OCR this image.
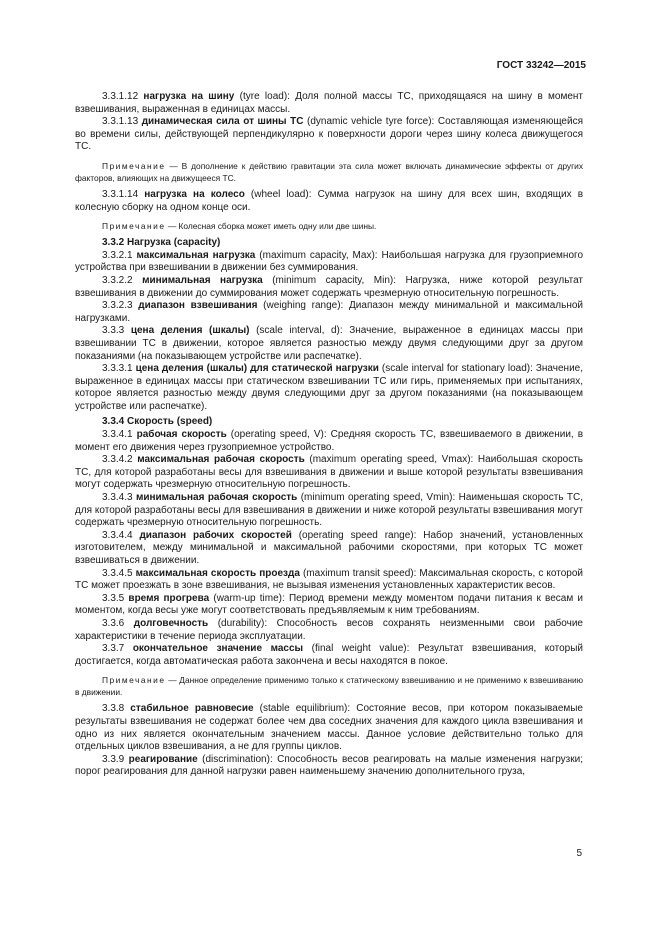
ГОСТ 33242—2015

3.3.1.12 нагрузка на шину (tyre load): Доля полной массы ТС, приходящаяся на шину в момент взвешивания, выраженная в единицах массы.

3.3.1.13 динамическая сила от шины ТС (dynamic vehicle tyre force): Составляющая изменяющейся во времени силы, действующей перпендикулярно к поверхности дороги через шину колеса движущегося ТС.

Примечание — В дополнение к действию гравитации эта сила может включать динамические эффекты от других факторов, влияющих на движущееся ТС.

3.3.1.14 нагрузка на колесо (wheel load): Сумма нагрузок на шину для всех шин, входящих в колесную сборку на одном конце оси.

Примечание — Колесная сборка может иметь одну или две шины.

3.3.2 Нагрузка (capacity)

3.3.2.1 максимальная нагрузка (maximum capacity, Max): Наибольшая нагрузка для грузоприемного устройства при взвешивании в движении без суммирования.

3.3.2.2 минимальная нагрузка (minimum capacity, Min): Нагрузка, ниже которой результат взвешивания в движении до суммирования может содержать чрезмерную относительную погрешность.

3.3.2.3 диапазон взвешивания (weighing range): Диапазон между минимальной и максимальной нагрузками.

3.3.3 цена деления (шкалы) (scale interval, d): Значение, выраженное в единицах массы при взвешивании ТС в движении, которое является разностью между двумя следующими друг за другом показаниями (на показывающем устройстве или распечатке).

3.3.3.1 цена деления (шкалы) для статической нагрузки (scale interval for stationary load): Значение, выраженное в единицах массы при статическом взвешивании ТС или гирь, применяемых при испытаниях, которое является разностью между двумя следующими друг за другом показаниями (на показывающем устройстве или распечатке).

3.3.4 Скорость (speed)

3.3.4.1 рабочая скорость (operating speed, V): Средняя скорость ТС, взвешиваемого в движении, в момент его движения через грузоприемное устройство.

3.3.4.2 максимальная рабочая скорость (maximum operating speed, Vmax): Наибольшая скорость ТС, для которой разработаны весы для взвешивания в движении и выше которой результаты взвешивания могут содержать чрезмерную относительную погрешность.

3.3.4.3 минимальная рабочая скорость (minimum operating speed, Vmin): Наименьшая скорость ТС, для которой разработаны весы для взвешивания в движении и ниже которой результаты взвешивания могут содержать чрезмерную относительную погрешность.

3.3.4.4 диапазон рабочих скоростей (operating speed range): Набор значений, установленных изготовителем, между минимальной и максимальной рабочими скоростями, при которых ТС может взвешиваться в движении.

3.3.4.5 максимальная скорость проезда (maximum transit speed): Максимальная скорость, с которой ТС может проезжать в зоне взвешивания, не вызывая изменения установленных характеристик весов.

3.3.5 время прогрева (warm-up time): Период времени между моментом подачи питания к весам и моментом, когда весы уже могут соответствовать предъявляемым к ним требованиям.

3.3.6 долговечность (durability): Способность весов сохранять неизменными свои рабочие характеристики в течение периода эксплуатации.

3.3.7 окончательное значение массы (final weight value): Результат взвешивания, который достигается, когда автоматическая работа закончена и весы находятся в покое.

Примечание — Данное определение применимо только к статическому взвешиванию и не применимо к взвешиванию в движении.

3.3.8 стабильное равновесие (stable equilibrium): Состояние весов, при котором показываемые результаты взвешивания не содержат более чем два соседних значения для каждого цикла взвешивания и одно из них является окончательным значением массы. Данное условие действительно только для отдельных циклов взвешивания, а не для группы циклов.

3.3.9 реагирование (discrimination): Способность весов реагировать на малые изменения нагрузки; порог реагирования для данной нагрузки равен наименьшему значению дополнительного груза,

5
